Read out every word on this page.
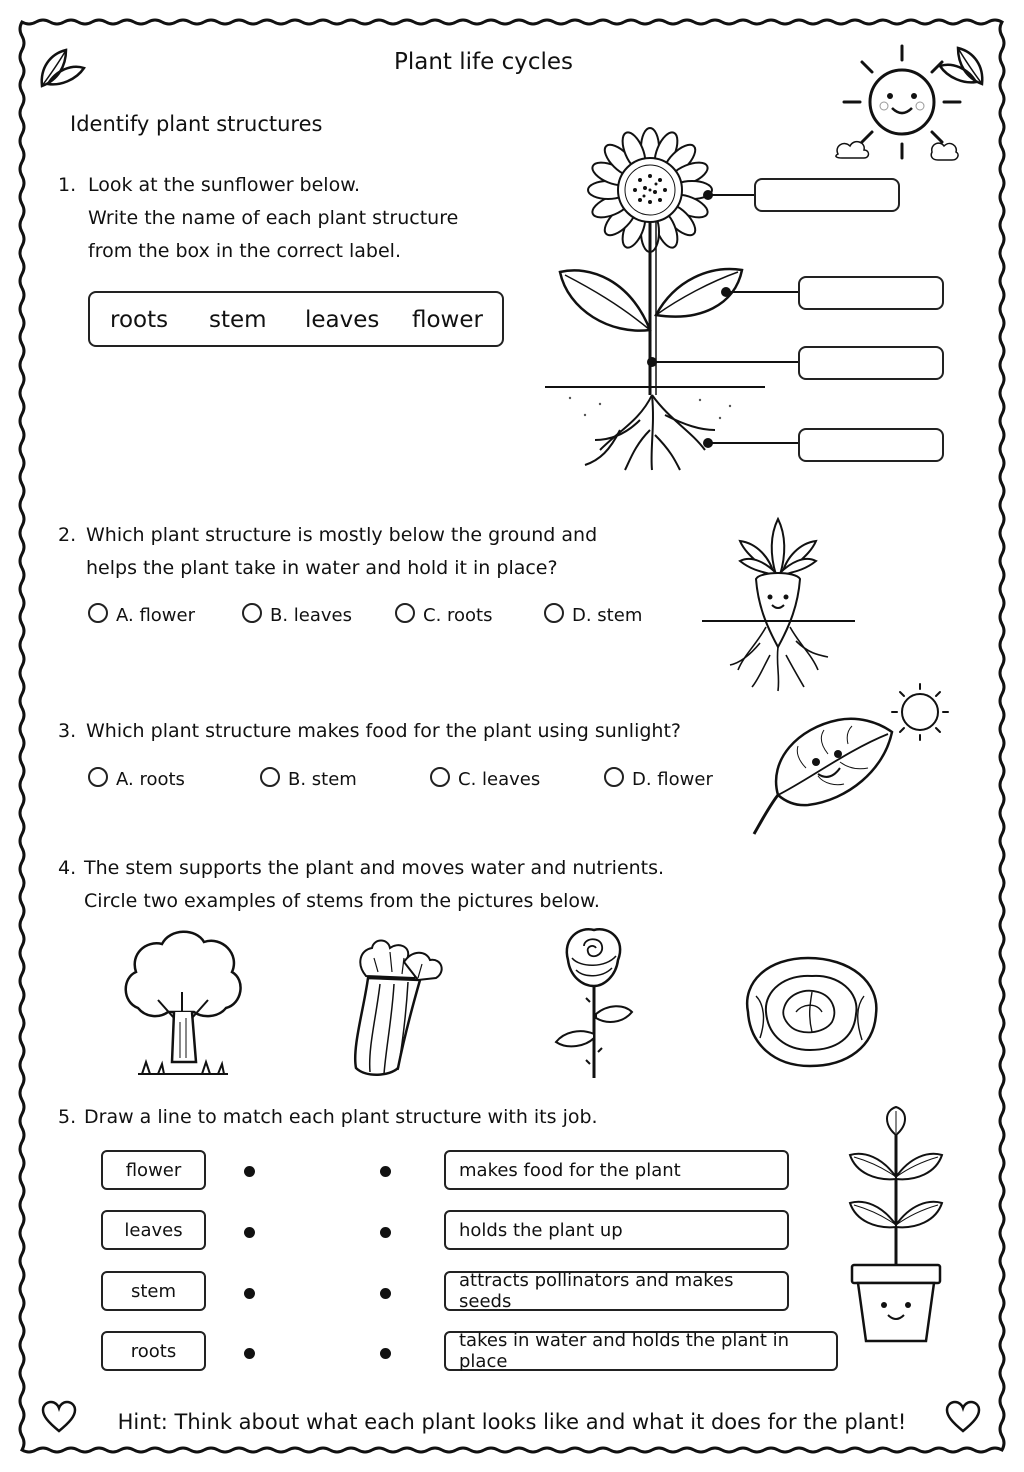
Plant life cycles
Identify plant structures
1. Look at the sunflower below.
Write the name of each plant structure
from the box in the correct label.
roots stem leaves flower
2. Which plant structure is mostly below the ground and
helps the plant take in water and hold it in place?
A. flower	B. leaves	C. roots	D. stem
3. Which plant structure makes food for the plant using sunlight?
A. roots	B. stem	C. leaves	D. flower
4. The stem supports the plant and moves water and nutrients.
Circle two examples of stems from the pictures below.
5. Draw a line to match each plant structure with its job.
flower
leaves
stem
roots
makes food for the plant
holds the plant up
attracts pollinators and makes seeds
takes in water and holds the plant in place
Hint: Think about what each plant looks like and what it does for the plant!
